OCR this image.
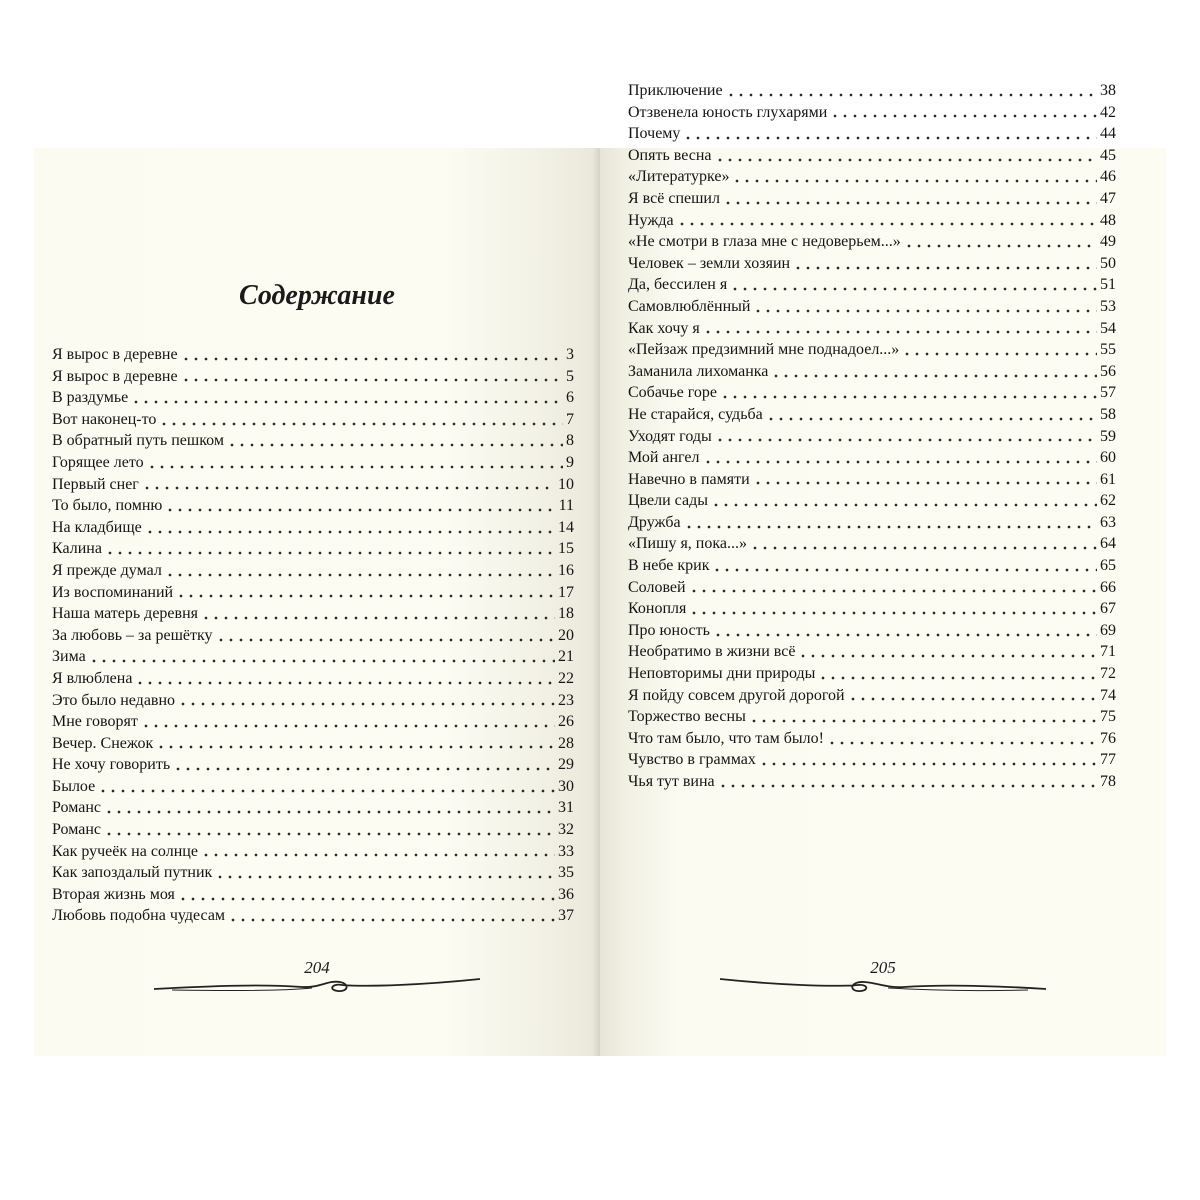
Содержание
Я вырос в деревне	3
Я вырос в деревне	5
В раздумье	6
Вот наконец-то	7
В обратный путь пешком	8
Горящее лето	9
Первый снег	10
То было, помню	11
На кладбище	14
Калина	15
Я прежде думал	16
Из воспоминаний	17
Наша матерь деревня	18
За любовь – за решётку	20
Зима	21
Я влюблена	22
Это было недавно	23
Мне говорят	26
Вечер. Снежок	28
Не хочу говорить	29
Былое	30
Романс	31
Романс	32
Как ручеёк на солнце	33
Как запоздалый путник	35
Вторая жизнь моя	36
Любовь подобна чудесам	37
204	205
Приключение	38
Отзвенела юность глухарями	42
Почему	44
Опять весна	45
«Литературке»	46
Я всё спешил	47
Нужда	48
«Не смотри в глаза мне с недоверьем...»	49
Человек – земли хозяин	50
Да, бессилен я	51
Самовлюблённый	53
Как хочу я	54
«Пейзаж предзимний мне поднадоел...»	55
Заманила лихоманка	56
Собачье горе	57
Не старайся, судьба	58
Уходят годы	59
Мой ангел	60
Навечно в памяти	61
Цвели сады	62
Дружба	63
«Пишу я, пока...»	64
В небе крик	65
Соловей	66
Конопля	67
Про юность	69
Необратимо в жизни всё	71
Неповторимы дни природы	72
Я пойду совсем другой дорогой	74
Торжество весны	75
Что там было, что там было!	76
Чувство в граммах	77
Чья тут вина	78
